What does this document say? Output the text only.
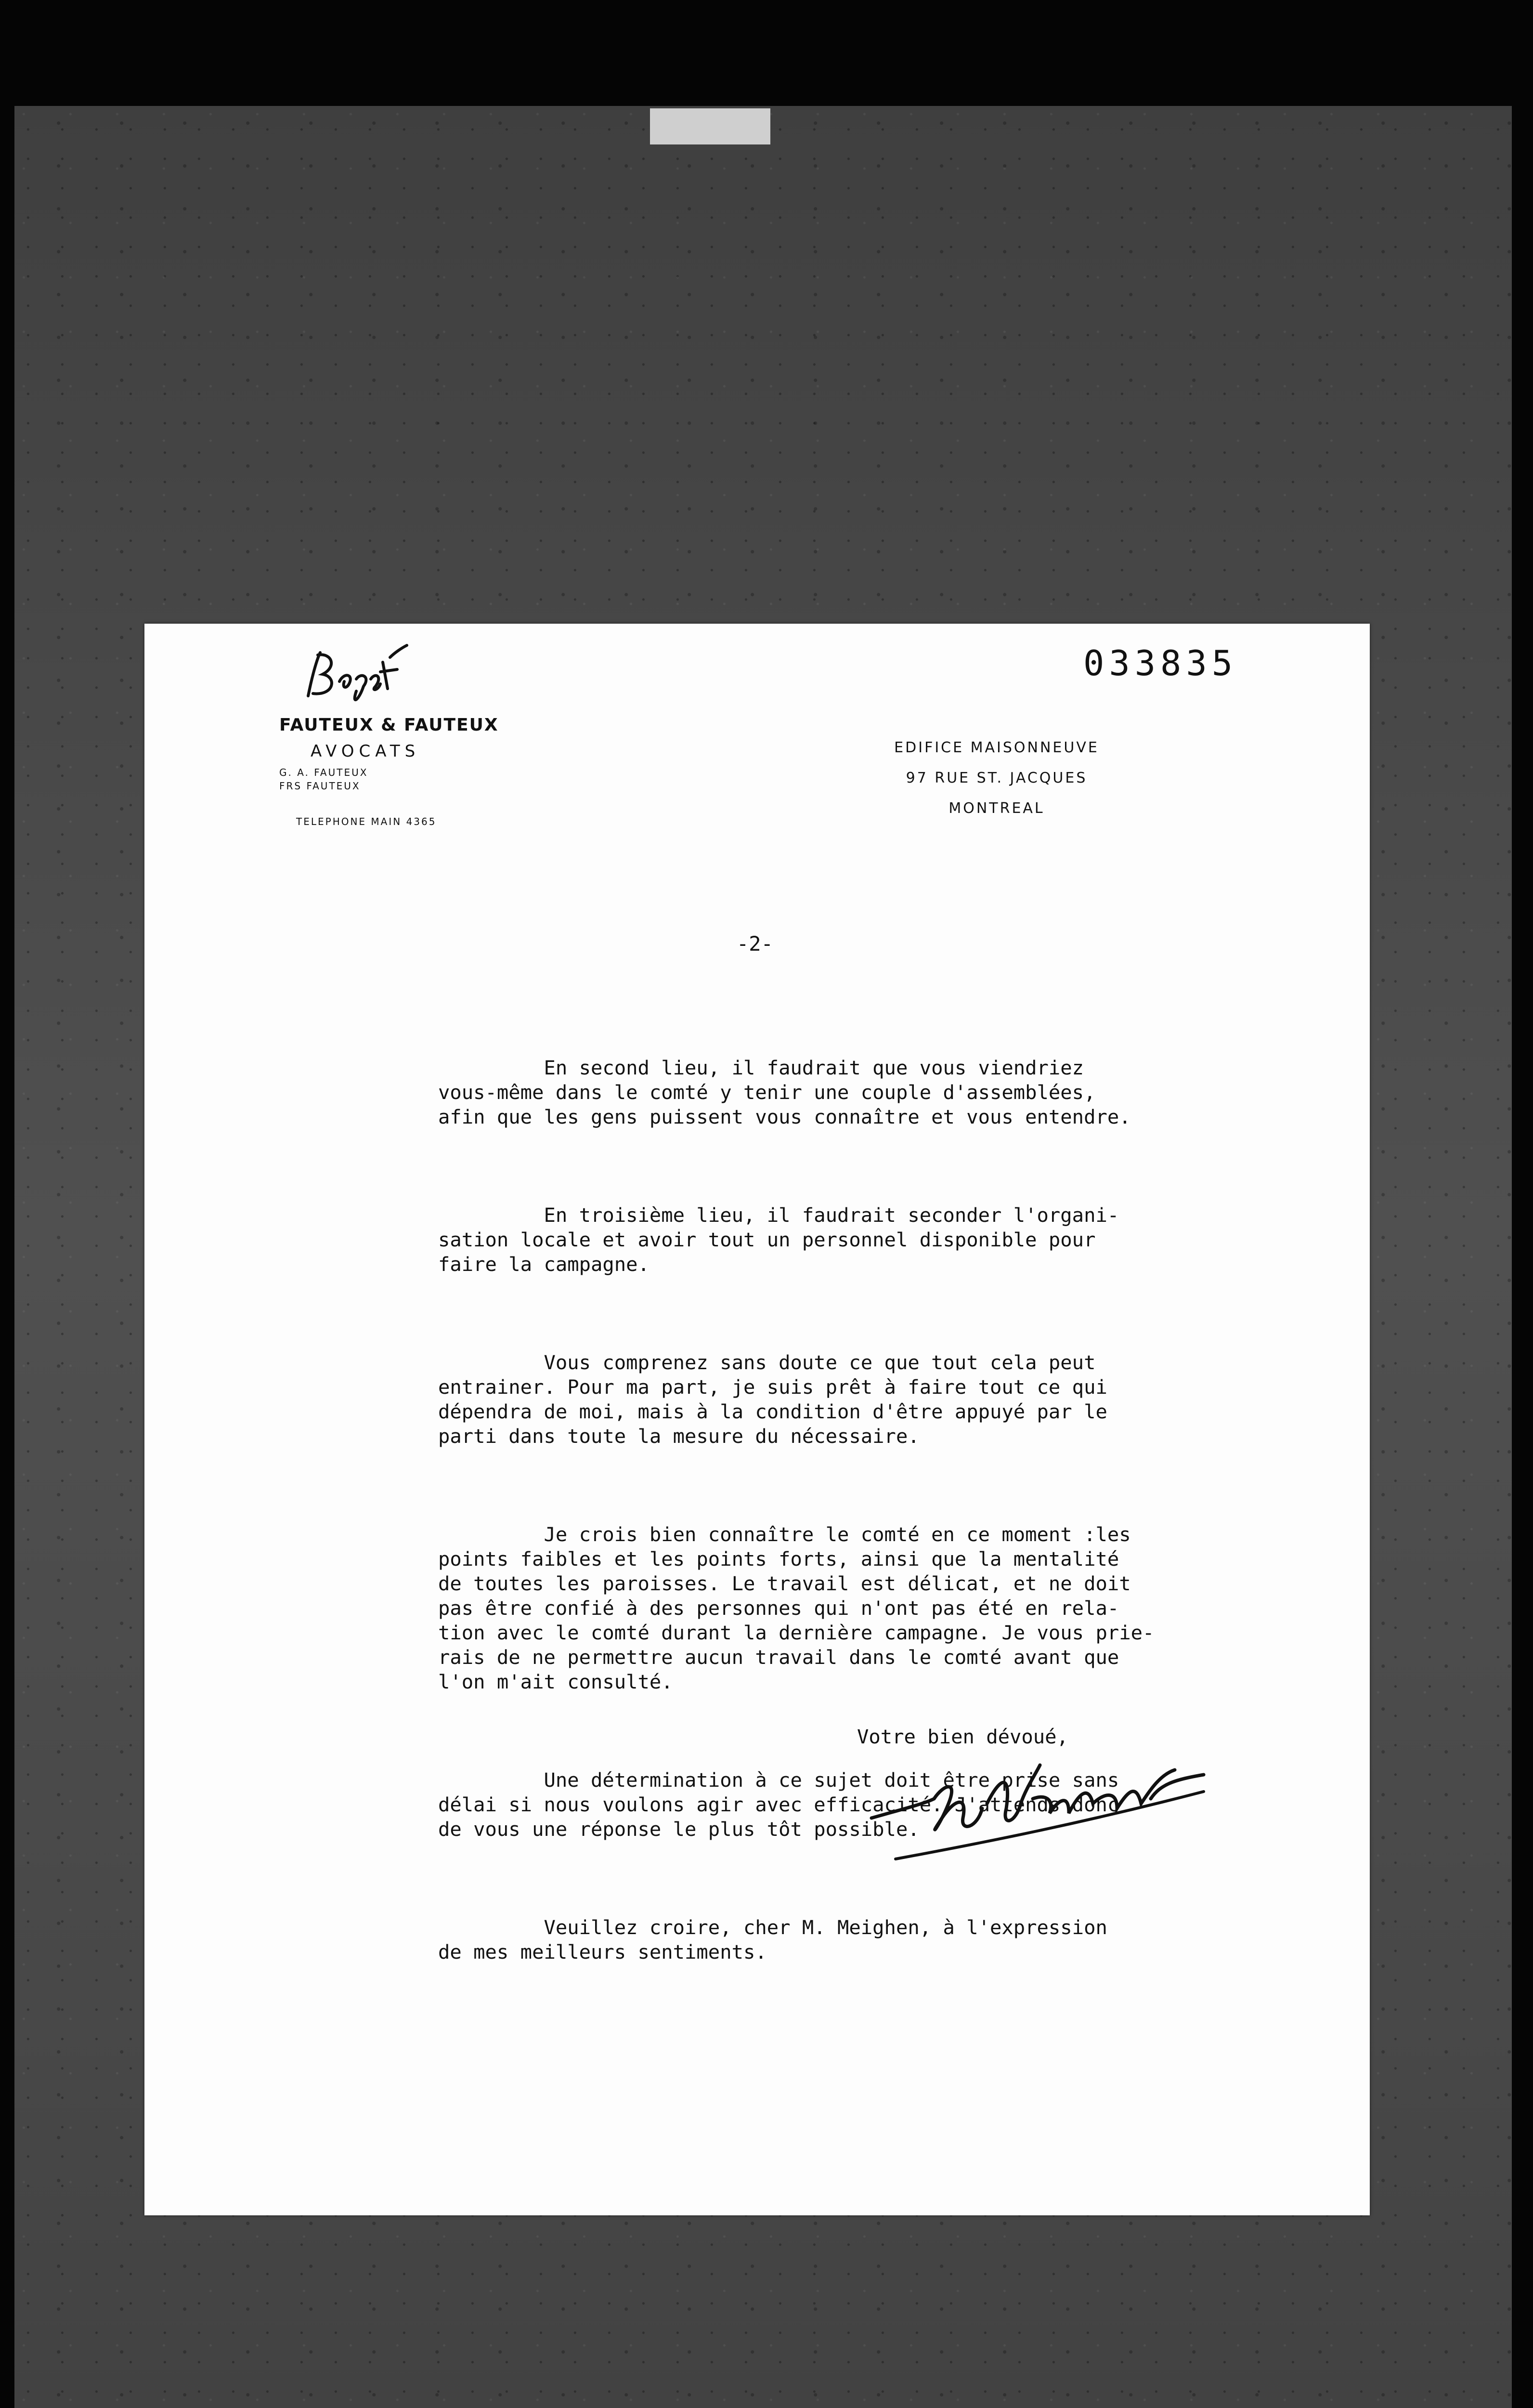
FAUTEUX & FAUTEUX
AVOCATS
G. A. FAUTEUX
FRS FAUTEUX
TELEPHONE MAIN 4365
033835
EDIFICE MAISONNEUVE
97 RUE ST. JACQUES
MONTREAL
-2-

En second lieu, il faudrait que vous viendriez
vous-même dans le comté y tenir une couple d'assemblées,
afin que les gens puissent vous connaître et vous entendre.

En troisième lieu, il faudrait seconder l'organi-
sation locale et avoir tout un personnel disponible pour
faire la campagne.

Vous comprenez sans doute ce que tout cela peut
entrainer. Pour ma part, je suis prêt à faire tout ce qui
dépendra de moi, mais à la condition d'être appuyé par le
parti dans toute la mesure du nécessaire.

Je crois bien connaître le comté en ce moment :les
points faibles et les points forts, ainsi que la mentalité
de toutes les paroisses. Le travail est délicat, et ne doit
pas être confié à des personnes qui n'ont pas été en rela-
tion avec le comté durant la dernière campagne. Je vous prie-
rais de ne permettre aucun travail dans le comté avant que
l'on m'ait consulté.

Une détermination à ce sujet doit être prise sans
délai si nous voulons agir avec efficacité. J'attends donc
de vous une réponse le plus tôt possible.

Veuillez croire, cher M. Meighen, à l'expression
de mes meilleurs sentiments.

Votre bien dévoué,
